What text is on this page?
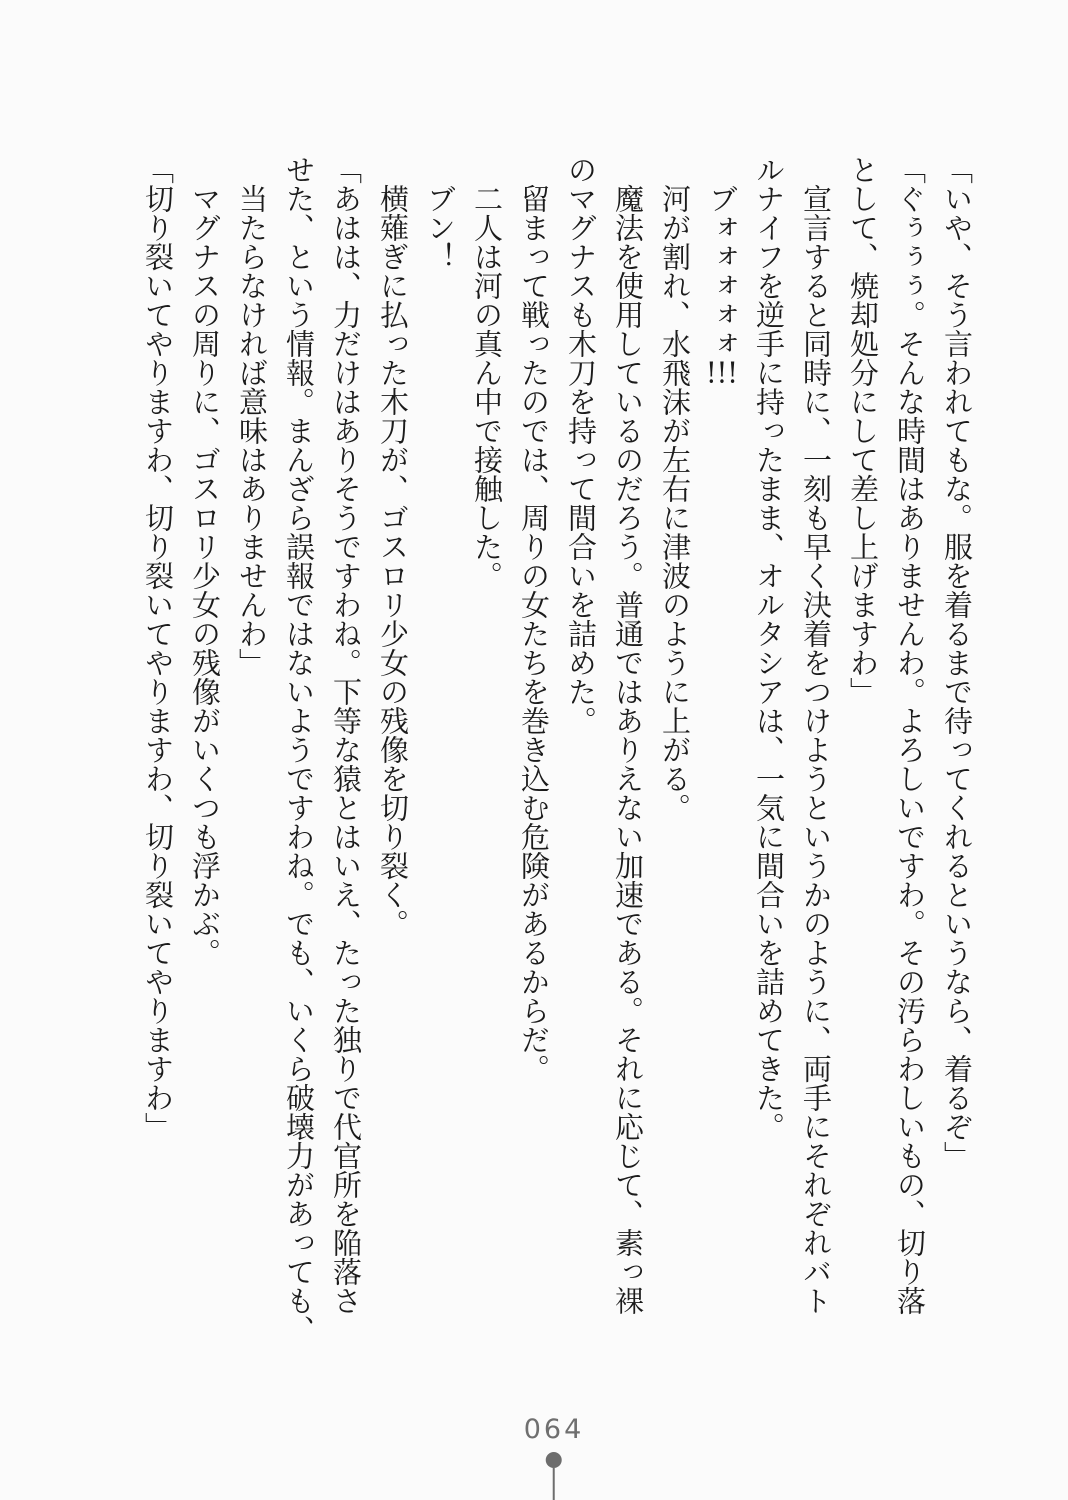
「いや、そう言われてもな。服を着るまで待ってくれるというなら、着るぞ」
「ぐぅぅぅ。そんな時間はありませんわ。よろしいですわ。その汚らわしいもの、切り落
として、焼却処分にして差し上げますわ」
宣言すると同時に、一刻も早く決着をつけようというかのように、両手にそれぞれバト
ルナイフを逆手に持ったまま、オルタシアは、一気に間合いを詰めてきた。
ブォォォォォ!!!
河が割れ、水飛沫が左右に津波のように上がる。
魔法を使用しているのだろう。普通ではありえない加速である。それに応じて、素っ裸
のマグナスも木刀を持って間合いを詰めた。
留まって戦ったのでは、周りの女たちを巻き込む危険があるからだ。
二人は河の真ん中で接触した。
ブン！
横薙ぎに払った木刀が、ゴスロリ少女の残像を切り裂く。
「あはは、力だけはありそうですわね。下等な猿とはいえ、たった独りで代官所を陥落さ
せた、という情報。まんざら誤報ではないようですわね。でも、いくら破壊力があっても、
当たらなければ意味はありませんわ」
マグナスの周りに、ゴスロリ少女の残像がいくつも浮かぶ。
「切り裂いてやりますわ、切り裂いてやりますわ、切り裂いてやりますわ」
064
